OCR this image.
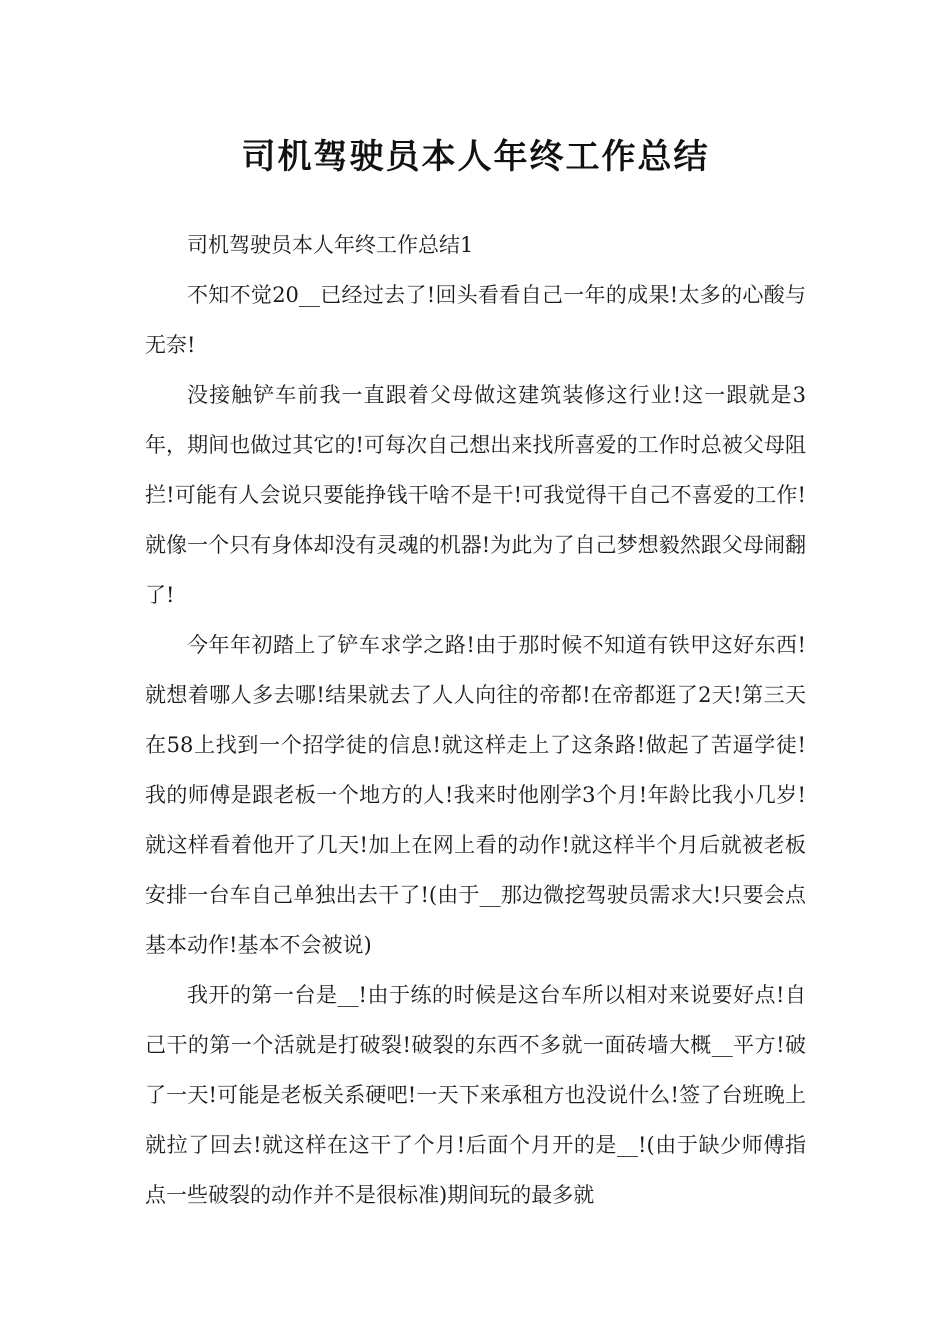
司机驾驶员本人年终工作总结

司机驾驶员本人年终工作总结1

不知不觉20__已经过去了!回头看看自己一年的成果!太多的心酸与无奈!

没接触铲车前我一直跟着父母做这建筑装修这行业!这一跟就是3年，期间也做过其它的!可每次自己想出来找所喜爱的工作时总被父母阻拦!可能有人会说只要能挣钱干啥不是干!可我觉得干自己不喜爱的工作!就像一个只有身体却没有灵魂的机器!为此为了自己梦想毅然跟父母闹翻了!

今年年初踏上了铲车求学之路!由于那时候不知道有铁甲这好东西!就想着哪人多去哪!结果就去了人人向往的帝都!在帝都逛了2天!第三天在58上找到一个招学徒的信息!就这样走上了这条路!做起了苦逼学徒!我的师傅是跟老板一个地方的人!我来时他刚学3个月!年龄比我小几岁!就这样看着他开了几天!加上在网上看的动作!就这样半个月后就被老板安排一台车自己单独出去干了!(由于__那边微挖驾驶员需求大!只要会点基本动作!基本不会被说)

我开的第一台是__!由于练的时候是这台车所以相对来说要好点!自己干的第一个活就是打破裂!破裂的东西不多就一面砖墙大概__平方!破了一天!可能是老板关系硬吧!一天下来承租方也没说什么!签了台班晚上就拉了回去!就这样在这干了个月!后面个月开的是__!(由于缺少师傅指点一些破裂的动作并不是很标准)期间玩的最多就
